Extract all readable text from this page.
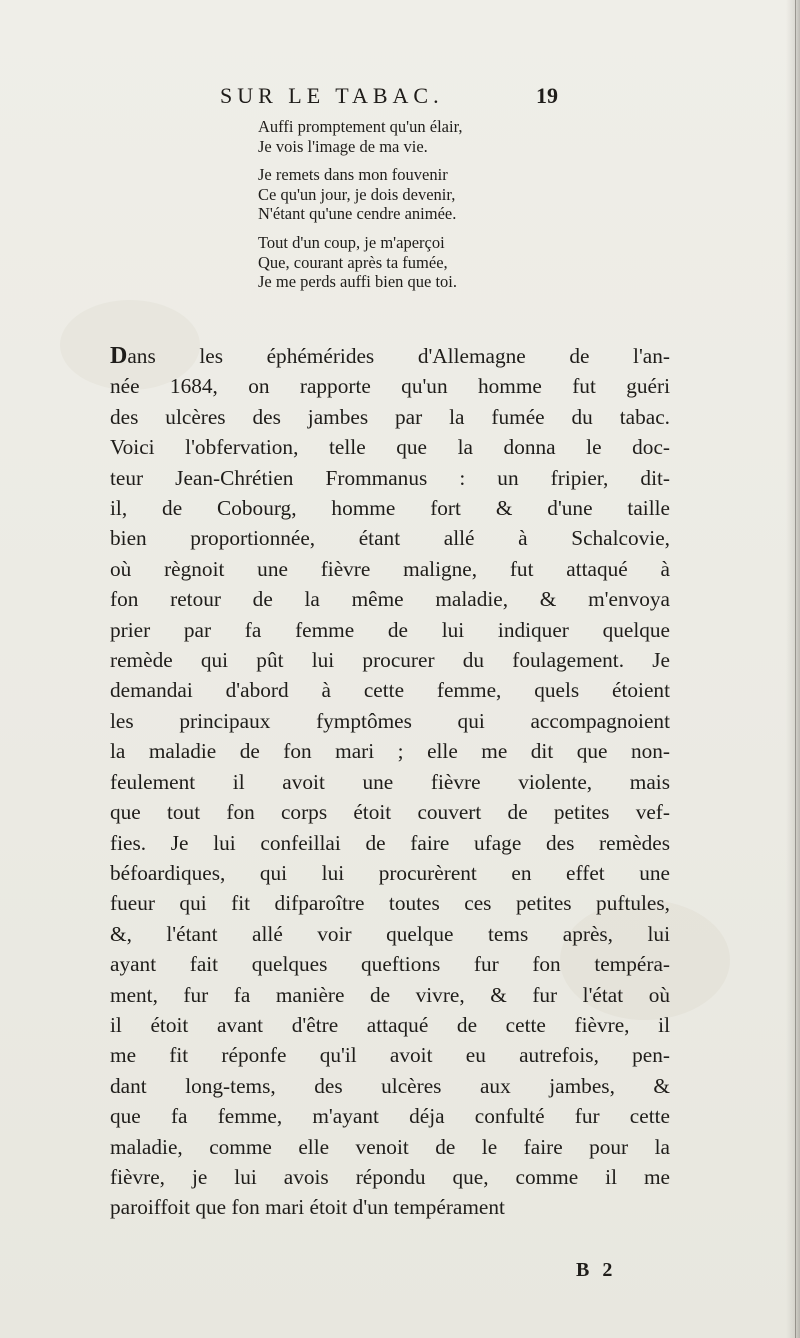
SUR LE TABAC.	19
Auffi promptement qu'un élair,
Je vois l'image de ma vie.
Je remets dans mon fouvenir
Ce qu'un jour, je dois devenir,
N'étant qu'une cendre animée.
Tout d'un coup, je m'aperçoi
Que, courant après ta fumée,
Je me perds auffi bien que toi.
Dans les éphémérides d'Allemagne de l'an-
née 1684, on rapporte qu'un homme fut guéri
des ulcères des jambes par la fumée du tabac.
Voici l'obfervation, telle que la donna le doc-
teur Jean-Chrétien Frommanus : un fripier, dit-
il, de Cobourg, homme fort & d'une taille
bien proportionnée, étant allé à Schalcovie,
où règnoit une fièvre maligne, fut attaqué à
fon retour de la même maladie, & m'envoya
prier par fa femme de lui indiquer quelque
remède qui pût lui procurer du foulagement. Je
demandai d'abord à cette femme, quels étoient
les principaux fymptômes qui accompagnoient
la maladie de fon mari ; elle me dit que non-
feulement il avoit une fièvre violente, mais
que tout fon corps étoit couvert de petites vef-
fies. Je lui confeillai de faire ufage des remèdes
béfoardiques, qui lui procurèrent en effet une
fueur qui fit difparoître toutes ces petites puftules,
&, l'étant allé voir quelque tems après, lui
ayant fait quelques queftions fur fon tempéra-
ment, fur fa manière de vivre, & fur l'état où
il étoit avant d'être attaqué de cette fièvre, il
me fit réponfe qu'il avoit eu autrefois, pen-
dant long-tems, des ulcères aux jambes, &
que fa femme, m'ayant déja confulté fur cette
maladie, comme elle venoit de le faire pour la
fièvre, je lui avois répondu que, comme il me
paroiffoit que fon mari étoit d'un tempérament
B 2
